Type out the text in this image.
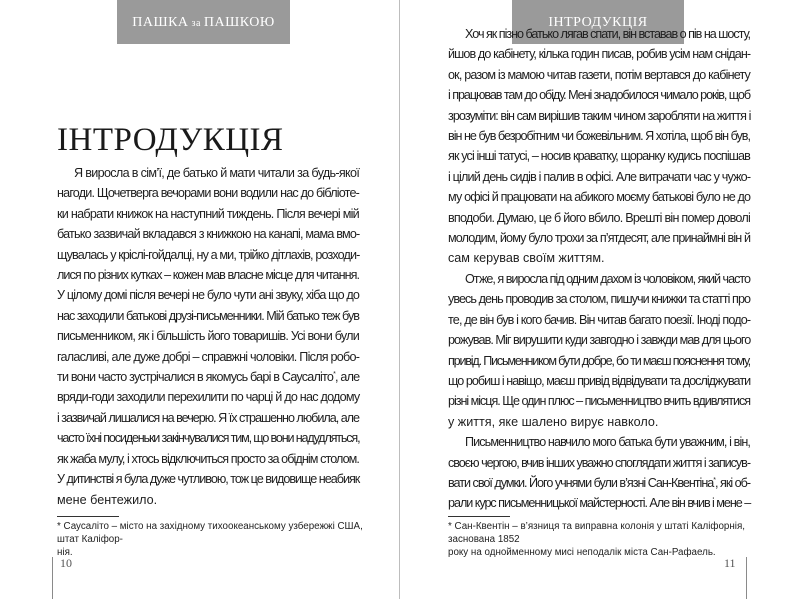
ПАШКА за ПАШКОЮ
ІНТРОДУКЦІЯ
Я виросла в сім’ї, де батько й мати читали за будь-якої
нагоди. Щочетверга вечорами вони водили нас до бібліоте-
ки набрати книжок на наступний тиждень. Після вечері мій
батько зазвичай вкладався з книжкою на канапі, мама вмо-
щувалась у кріслі-гойдалці, ну а ми, трійко дітлахів, розходи-
лися по різних кутках – кожен мав власне місце для читання.
У цілому домі після вечері не було чути ані звуку, хіба що до
нас заходили батькові друзі-письменники. Мій батько теж був
письменником, як і більшість його товаришів. Усі вони були
галасливі, але дуже добрі – справжні чоловіки. Після робо-
ти вони часто зустрічалися в якомусь барі в Саусаліто*, але
вряди-годи заходили перехилити по чарці й до нас додому
і зазвичай лишалися на вечерю. Я їх страшенно любила, але
часто їхні посиденьки закінчувалися тим, що вони надудляться,
як жаба мулу, і хтось відключиться просто за обіднім столом.
У дитинстві я була дуже чутливою, тож це видовище неабияк
мене бентежило.
* Саусаліто – місто на західному тихоокеанському узбережжі США, штат Каліфор-
нія.
10
ІНТРОДУКЦІЯ
Хоч як пізно батько лягав спати, він вставав о пів на шосту,
йшов до кабінету, кілька годин писав, робив усім нам снідан-
ок, разом із мамою читав газети, потім вертався до кабінету
і працював там до обіду. Мені знадобилося чимало років, щоб
зрозуміти: він сам вирішив таким чином заробляти на життя і
він не був безробітним чи божевільним. Я хотіла, щоб він був,
як усі інші татусі, – носив краватку, щоранку кудись поспішав
і цілий день сидів і палив в офісі. Але витрачати час у чужо-
му офісі й працювати на абикого моєму батькові було не до
вподоби. Думаю, це б його вбило. Врешті він помер доволі
молодим, йому було трохи за п’ятдесят, але принаймні він й
сам керував своїм життям.
Отже, я виросла під одним дахом із чоловіком, який часто
увесь день проводив за столом, пишучи книжки та статті про
те, де він був і кого бачив. Він читав багато поезії. Іноді подо-
рожував. Міг вирушити куди завгодно і завжди мав для цього
привід. Письменником бути добре, бо ти маєш пояснення тому,
що робиш і навіщо, маєш привід відвідувати та досліджувати
різні місця. Ще один плюс – письменництво вчить вдивлятися
у життя, яке шалено вирує навколо.
Письменництво навчило мого батька бути уважним, і він,
своєю чергою, вчив інших уважно споглядати життя і записув-
вати свої думки. Його учнями були в’язні Сан-Квентіна*, які об-
рали курс письменницької майстерності. Але він вчив і мене –
* Сан-Квентін – в’язниця та виправна колонія у штаті Каліфорнія, заснована 1852
року на однойменному мисі неподалік міста Сан-Рафаель.
11
